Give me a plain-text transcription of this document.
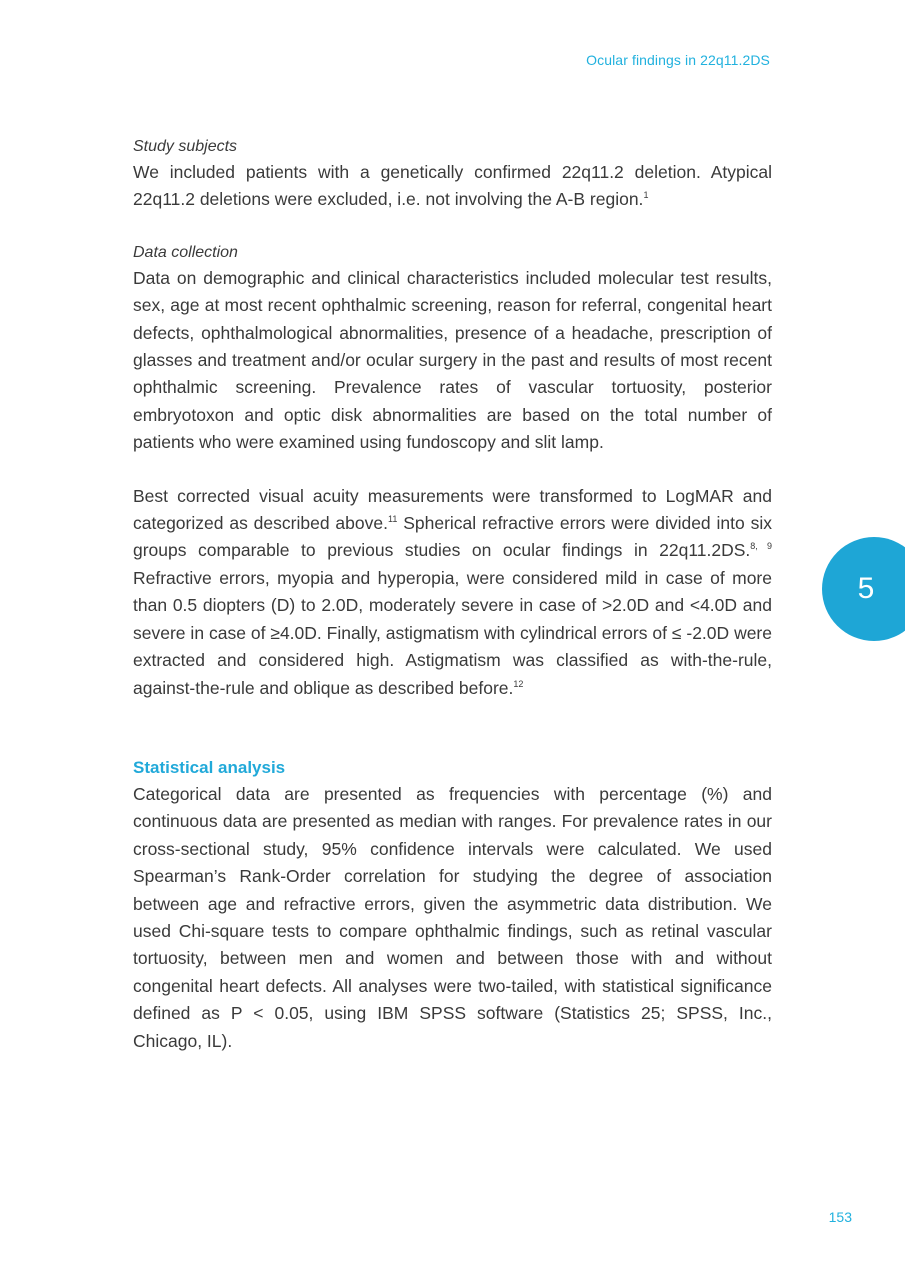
Ocular findings in 22q11.2DS
Study subjects

We included patients with a genetically confirmed 22q11.2 deletion. Atypical 22q11.2 deletions were excluded, i.e. not involving the A-B region.$^1$

Data collection

Data on demographic and clinical characteristics included molecular test results, sex, age at most recent ophthalmic screening, reason for referral, congenital heart defects, ophthalmological abnormalities, presence of a headache, prescription of glasses and treatment and/or ocular surgery in the past and results of most recent ophthalmic screening. Prevalence rates of vascular tortuosity, posterior embryotoxon and optic disk abnormalities are based on the total number of patients who were examined using fundoscopy and slit lamp.

Best corrected visual acuity measurements were transformed to LogMAR and categorized as described above.$^{11}$ Spherical refractive errors were divided into six groups comparable to previous studies on ocular findings in 22q11.2DS.$^{8, 9}$ Refractive errors, myopia and hyperopia, were considered mild in case of more than 0.5 diopters (D) to 2.0D, moderately severe in case of >2.0D and <4.0D and severe in case of ≥4.0D. Finally, astigmatism with cylindrical errors of ≤ -2.0D were extracted and considered high. Astigmatism was classified as with-the-rule, against-the-rule and oblique as described before.$^{12}$

Statistical analysis

Categorical data are presented as frequencies with percentage (%) and continuous data are presented as median with ranges. For prevalence rates in our cross-sectional study, 95% confidence intervals were calculated. We used Spearman’s Rank-Order correlation for studying the degree of association between age and refractive errors, given the asymmetric data distribution. We used Chi-square tests to compare ophthalmic findings, such as retinal vascular tortuosity, between men and women and between those with and without congenital heart defects. All analyses were two-tailed, with statistical significance defined as P < 0.05, using IBM SPSS software (Statistics 25; SPSS, Inc., Chicago, IL).

5
153
